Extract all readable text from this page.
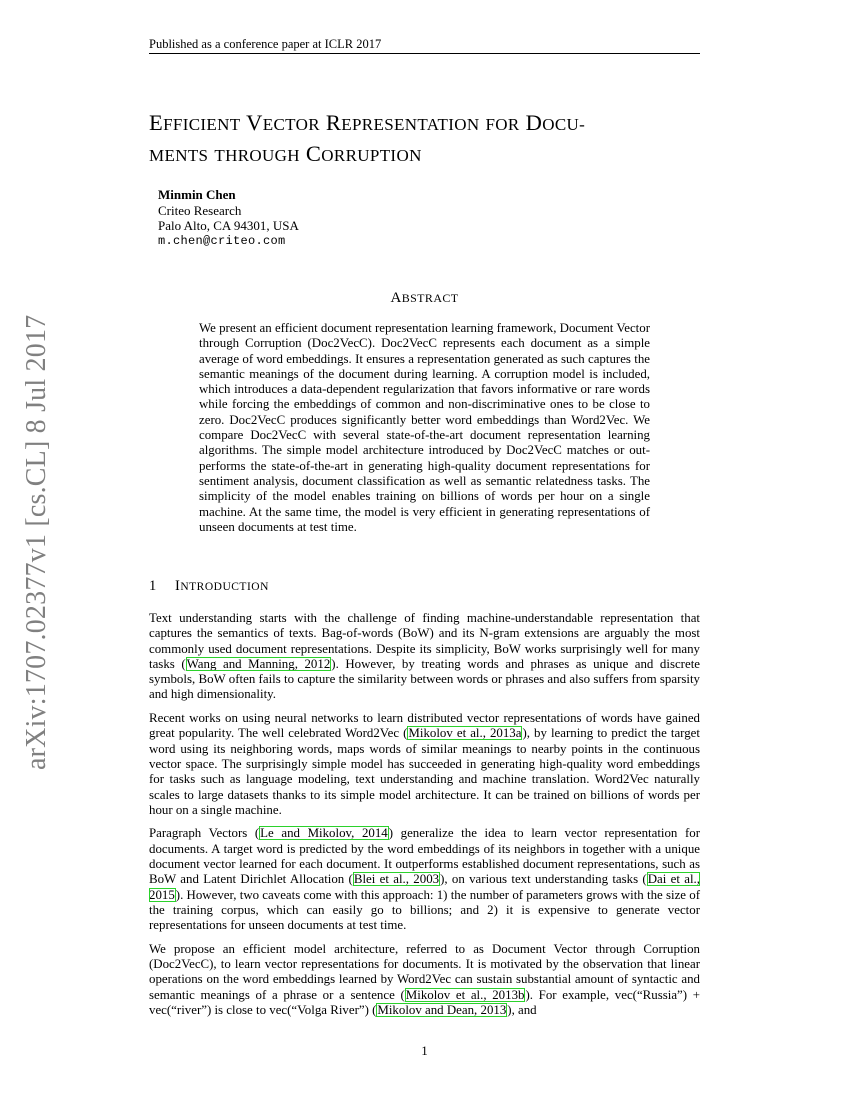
Published as a conference paper at ICLR 2017
arXiv:1707.02377v1 [cs.CL] 8 Jul 2017
EFFICIENT VECTOR REPRESENTATION FOR DOCU-
MENTS THROUGH CORRUPTION
Minmin Chen
Criteo Research
Palo Alto, CA 94301, USA
m.chen@criteo.com
ABSTRACT
We present an efficient document representation learning framework, Document Vector through Corruption (Doc2VecC). Doc2VecC represents each document as a simple average of word embeddings. It ensures a representation generated as such captures the semantic meanings of the document during learning. A corruption model is included, which introduces a data-dependent regularization that favors informative or rare words while forcing the embeddings of common and non-discriminative ones to be close to zero. Doc2VecC produces significantly better word embeddings than Word2Vec. We compare Doc2VecC with several state-of-the-art document representation learning algorithms. The simple model architecture introduced by Doc2VecC matches or out-performs the state-of-the-art in generating high-quality document representations for sentiment analysis, document classification as well as semantic relatedness tasks. The simplicity of the model enables training on billions of words per hour on a single machine. At the same time, the model is very efficient in generating representations of unseen documents at test time.
1 INTRODUCTION

Text understanding starts with the challenge of finding machine-understandable representation that captures the semantics of texts. Bag-of-words (BoW) and its N-gram extensions are arguably the most commonly used document representations. Despite its simplicity, BoW works surprisingly well for many tasks (Wang and Manning, 2012). However, by treating words and phrases as unique and discrete symbols, BoW often fails to capture the similarity between words or phrases and also suffers from sparsity and high dimensionality.

Recent works on using neural networks to learn distributed vector representations of words have gained great popularity. The well celebrated Word2Vec (Mikolov et al., 2013a), by learning to predict the target word using its neighboring words, maps words of similar meanings to nearby points in the continuous vector space. The surprisingly simple model has succeeded in generating high-quality word embeddings for tasks such as language modeling, text understanding and machine translation. Word2Vec naturally scales to large datasets thanks to its simple model architecture. It can be trained on billions of words per hour on a single machine.

Paragraph Vectors (Le and Mikolov, 2014) generalize the idea to learn vector representation for documents. A target word is predicted by the word embeddings of its neighbors in together with a unique document vector learned for each document. It outperforms established document representations, such as BoW and Latent Dirichlet Allocation (Blei et al., 2003), on various text understanding tasks (Dai et al., 2015). However, two caveats come with this approach: 1) the number of parameters grows with the size of the training corpus, which can easily go to billions; and 2) it is expensive to generate vector representations for unseen documents at test time.

We propose an efficient model architecture, referred to as Document Vector through Corruption (Doc2VecC), to learn vector representations for documents. It is motivated by the observation that linear operations on the word embeddings learned by Word2Vec can sustain substantial amount of syntactic and semantic meanings of a phrase or a sentence (Mikolov et al., 2013b). For example, vec(“Russia”) + vec(“river”) is close to vec(“Volga River”) (Mikolov and Dean, 2013), and

1
